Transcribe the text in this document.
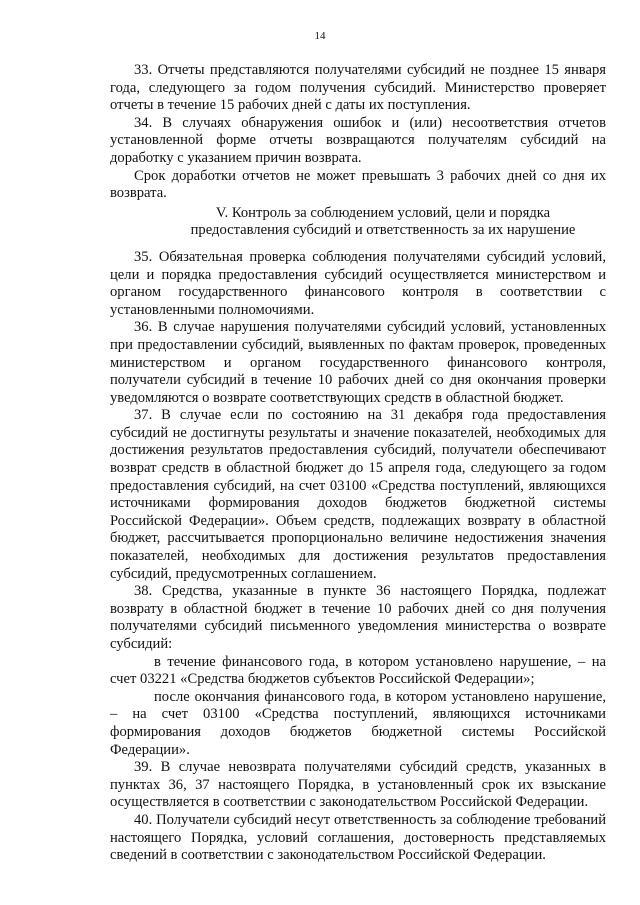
14

33. Отчеты представляются получателями субсидий не позднее 15 января года, следующего за годом получения субсидий. Министерство проверяет отчеты в течение 15 рабочих дней с даты их поступления.

34. В случаях обнаружения ошибок и (или) несоответствия отчетов установленной форме отчеты возвращаются получателям субсидий на доработку с указанием причин возврата.

Срок доработки отчетов не может превышать 3 рабочих дней со дня их возврата.

V. Контроль за соблюдением условий, цели и порядка
предоставления субсидий и ответственность за их нарушение

35. Обязательная проверка соблюдения получателями субсидий условий, цели и порядка предоставления субсидий осуществляется министерством и органом государственного финансового контроля в соответствии с установленными полномочиями.

36. В случае нарушения получателями субсидий условий, установленных при предоставлении субсидий, выявленных по фактам проверок, проведенных министерством и органом государственного финансового контроля, получатели субсидий в течение 10 рабочих дней со дня окончания проверки уведомляются о возврате соответствующих средств в областной бюджет.

37. В случае если по состоянию на 31 декабря года предоставления субсидий не достигнуты результаты и значение показателей, необходимых для достижения результатов предоставления субсидий, получатели обеспечивают возврат средств в областной бюджет до 15 апреля года, следующего за годом предоставления субсидий, на счет 03100 «Средства поступлений, являющихся источниками формирования доходов бюджетов бюджетной системы Российской Федерации». Объем средств, подлежащих возврату в областной бюджет, рассчитывается пропорционально величине недостижения значения показателей, необходимых для достижения результатов предоставления субсидий, предусмотренных соглашением.

38. Средства, указанные в пункте 36 настоящего Порядка, подлежат возврату в областной бюджет в течение 10 рабочих дней со дня получения получателями субсидий письменного уведомления министерства о возврате субсидий:

в течение финансового года, в котором установлено нарушение, – на счет 03221 «Средства бюджетов субъектов Российской Федерации»;

после окончания финансового года, в котором установлено нарушение, – на счет 03100 «Средства поступлений, являющихся источниками формирования доходов бюджетов бюджетной системы Российской Федерации».

39. В случае невозврата получателями субсидий средств, указанных в пунктах 36, 37 настоящего Порядка, в установленный срок их взыскание осуществляется в соответствии с законодательством Российской Федерации.

40. Получатели субсидий несут ответственность за соблюдение требований настоящего Порядка, условий соглашения, достоверность представляемых сведений в соответствии с законодательством Российской Федерации.
